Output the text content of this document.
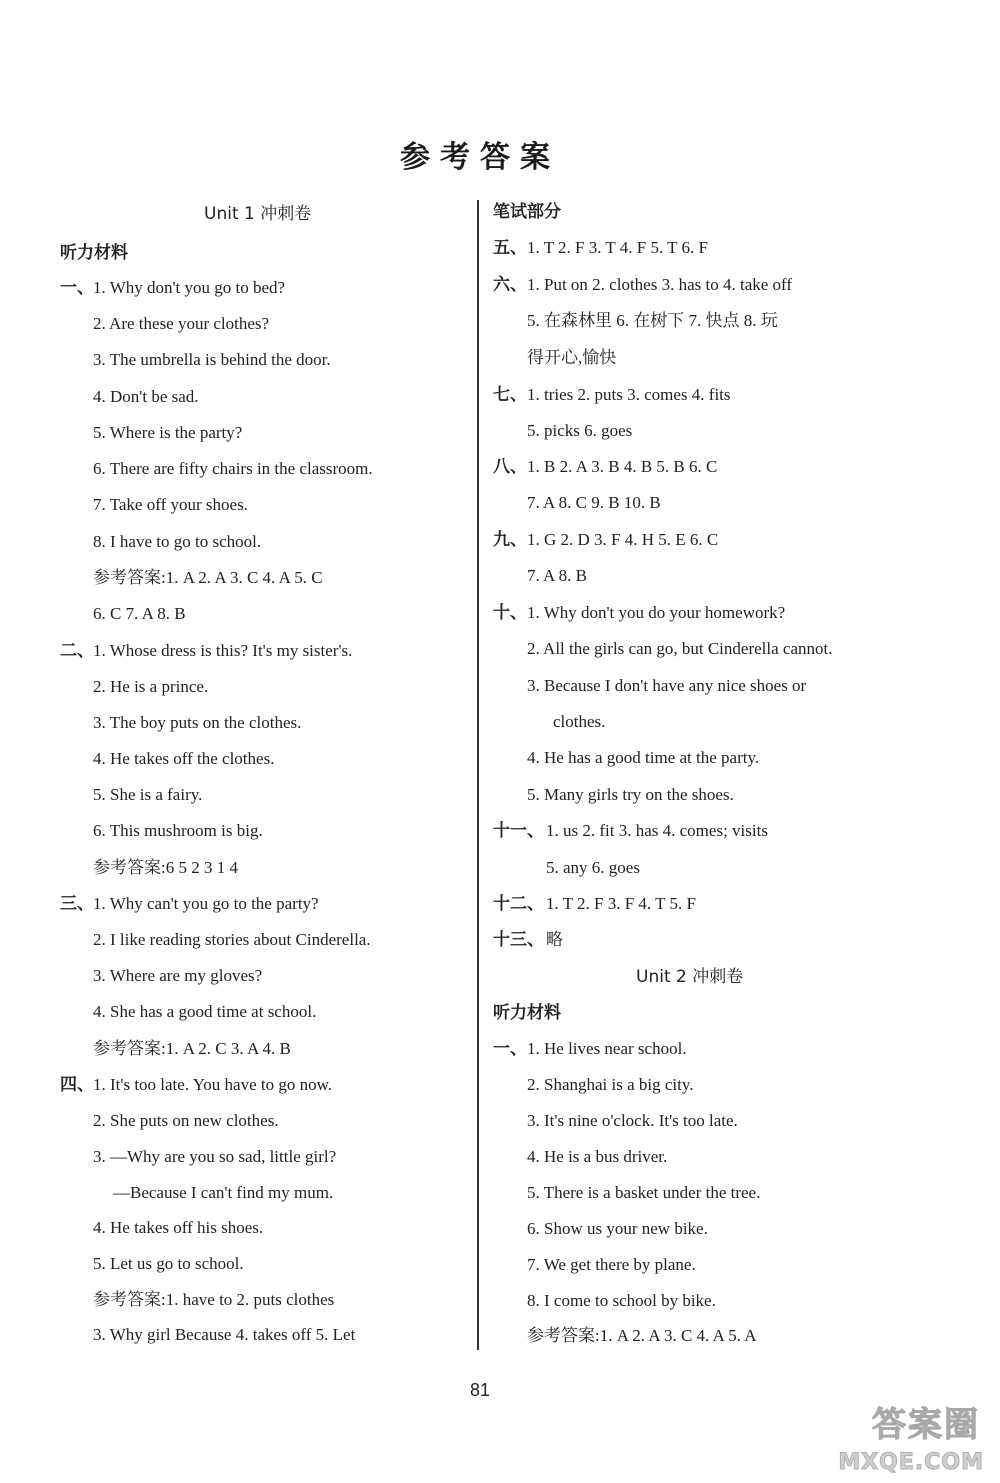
参考答案
Unit 1 冲刺卷
听力材料
一、 1. Why don't you go to bed?
2. Are these your clothes?
3. The umbrella is behind the door.
4. Don't be sad.
5. Where is the party?
6. There are fifty chairs in the classroom.
7. Take off your shoes.
8. I have to go to school.
参考答案:1. A 2. A 3. C 4. A 5. C
6. C 7. A 8. B
二、 1. Whose dress is this? It's my sister's.
2. He is a prince.
3. The boy puts on the clothes.
4. He takes off the clothes.
5. She is a fairy.
6. This mushroom is big.
参考答案:6 5 2 3 1 4
三、 1. Why can't you go to the party?
2. I like reading stories about Cinderella.
3. Where are my gloves?
4. She has a good time at school.
参考答案:1. A 2. C 3. A 4. B
四、 1. It's too late. You have to go now.
2. She puts on new clothes.
3. —Why are you so sad, little girl?
—Because I can't find my mum.
4. He takes off his shoes.
5. Let us go to school.
参考答案:1. have to 2. puts clothes
3. Why girl Because 4. takes off 5. Let
笔试部分
五、 1. T 2. F 3. T 4. F 5. T 6. F
六、 1. Put on 2. clothes 3. has to 4. take off
5. 在森林里 6. 在树下 7. 快点 8. 玩
得开心,愉快
七、 1. tries 2. puts 3. comes 4. fits
5. picks 6. goes
八、 1. B 2. A 3. B 4. B 5. B 6. C
7. A 8. C 9. B 10. B
九、 1. G 2. D 3. F 4. H 5. E 6. C
7. A 8. B
十、 1. Why don't you do your homework?
2. All the girls can go, but Cinderella cannot.
3. Because I don't have any nice shoes or
clothes.
4. He has a good time at the party.
5. Many girls try on the shoes.
十一、 1. us 2. fit 3. has 4. comes; visits
5. any 6. goes
十二、 1. T 2. F 3. F 4. T 5. F
十三、 略
Unit 2 冲刺卷
听力材料
一、 1. He lives near school.
2. Shanghai is a big city.
3. It's nine o'clock. It's too late.
4. He is a bus driver.
5. There is a basket under the tree.
6. Show us your new bike.
7. We get there by plane.
8. I come to school by bike.
参考答案:1. A 2. A 3. C 4. A 5. A
81
答案圈
MXQE.COM
